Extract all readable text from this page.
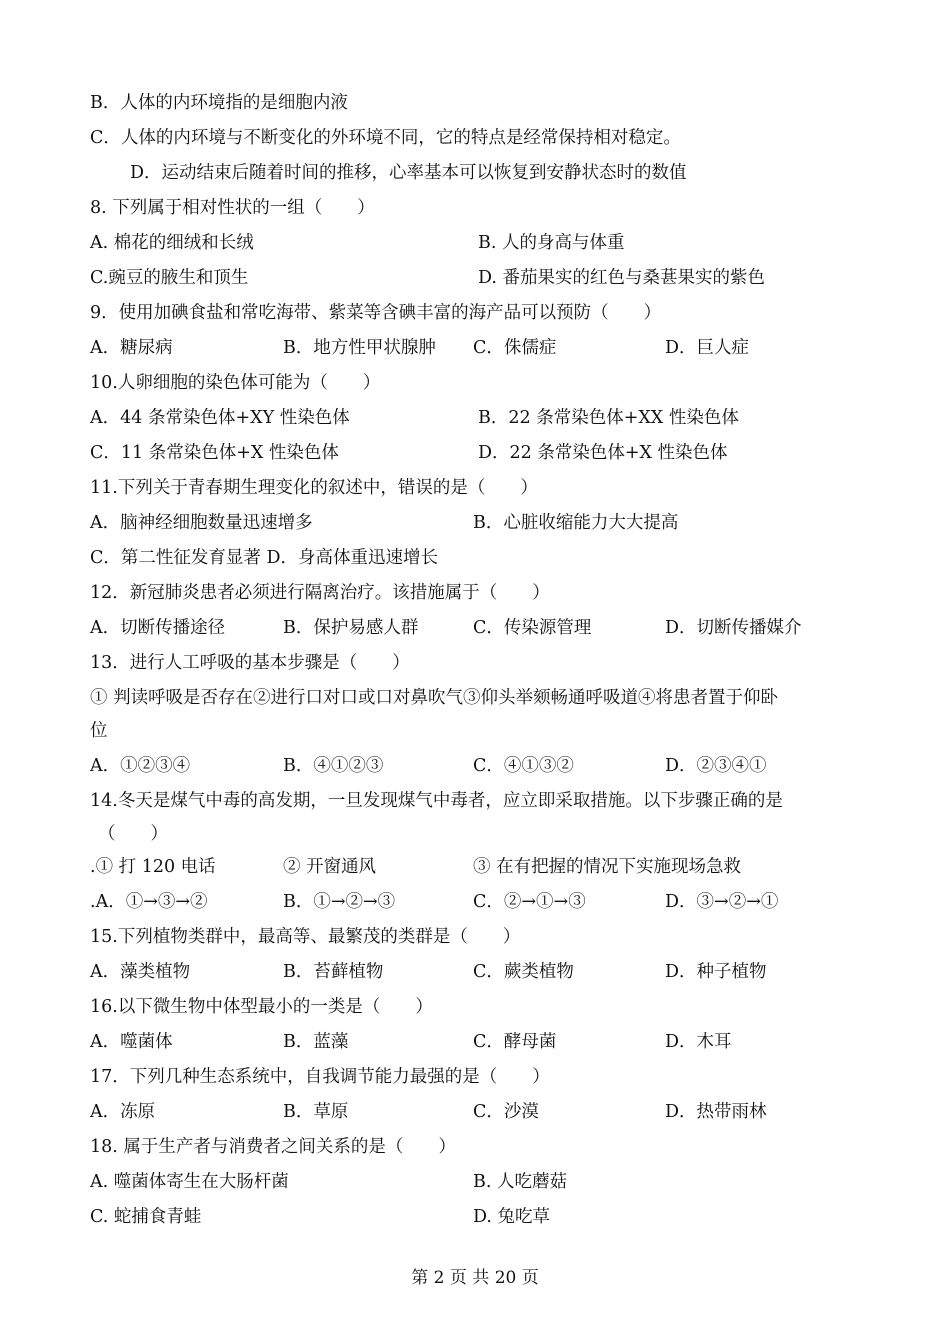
B．人体的内环境指的是细胞内液
C．人体的内环境与不断变化的外环境不同，它的特点是经常保持相对稳定。
D．运动结束后随着时间的推移，心率基本可以恢复到安静状态时的数值
8. 下列属于相对性状的一组（　　）
A. 棉花的细绒和长绒	B. 人的身高与体重
C.豌豆的腋生和顶生	D. 番茄果实的红色与桑葚果实的紫色
9．使用加碘食盐和常吃海带、紫菜等含碘丰富的海产品可以预防（　　）
A．糖尿病	B．地方性甲状腺肿 C．侏儒症	D．巨人症
10.人卵细胞的染色体可能为（　　）
A．44 条常染色体+XY 性染色体	B．22 条常染色体+XX 性染色体
C．11 条常染色体+X 性染色体	D．22 条常染色体+X 性染色体
11.下列关于青春期生理变化的叙述中，错误的是（　　）
A．脑神经细胞数量迅速增多	B．心脏收缩能力大大提高
C．第二性征发育显著 D．身高体重迅速增长
12．新冠肺炎患者必须进行隔离治疗。该措施属于（　　）
A．切断传播途径	B．保护易感人群	C．传染源管理	D．切断传播媒介
13．进行人工呼吸的基本步骤是（　　）
① 判读呼吸是否存在②进行口对口或口对鼻吹气③仰头举颏畅通呼吸道④将患者置于仰卧
位
A．①②③④	B．④①②③	C．④①③②	D．②③④①
14.冬天是煤气中毒的高发期，一旦发现煤气中毒者，应立即采取措施。以下步骤正确的是
（　　）
.① 打 120 电话	② 开窗通风	③ 在有把握的情况下实施现场急救
.A．①→③→②	B．①→②→③	C．②→①→③	D．③→②→①
15.下列植物类群中，最高等、最繁茂的类群是（　　）
A．藻类植物	B．苔藓植物	C．蕨类植物	D．种子植物
16.以下微生物中体型最小的一类是（　　）
A．噬菌体	B．蓝藻	C．酵母菌	D．木耳
17．下列几种生态系统中，自我调节能力最强的是（　　）
A．冻原	B．草原	C．沙漠	D．热带雨林
18. 属于生产者与消费者之间关系的是（　　）
A. 噬菌体寄生在大肠杆菌	B. 人吃蘑菇
C. 蛇捕食青蛙	D. 兔吃草
第 2 页 共 20 页
